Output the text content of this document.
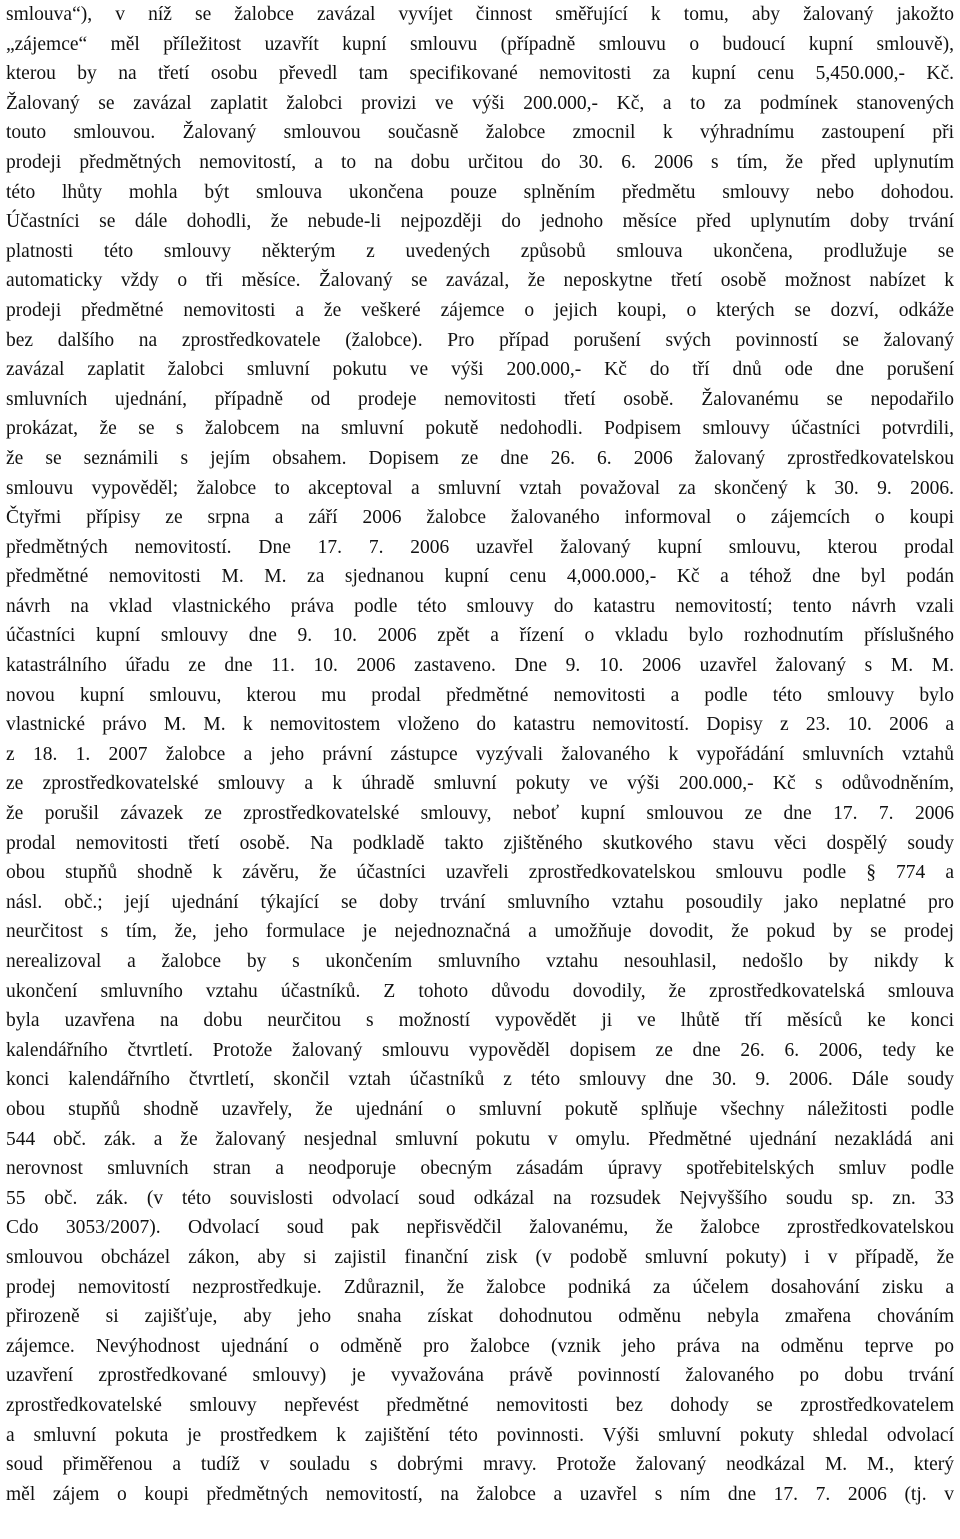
smlouva“), v níž se žalobce zavázal vyvíjet činnost směřující k tomu, aby žalovaný jakožto
„zájemce“ měl příležitost uzavřít kupní smlouvu (případně smlouvu o budoucí kupní smlouvě),
kterou by na třetí osobu převedl tam specifikované nemovitosti za kupní cenu 5,450.000,- Kč.
Žalovaný se zavázal zaplatit žalobci provizi ve výši 200.000,- Kč, a to za podmínek stanovených
touto smlouvou. Žalovaný smlouvou současně žalobce zmocnil k výhradnímu zastoupení při
prodeji předmětných nemovitostí, a to na dobu určitou do 30. 6. 2006 s tím, že před uplynutím
této lhůty mohla být smlouva ukončena pouze splněním předmětu smlouvy nebo dohodou.
Účastníci se dále dohodli, že nebude-li nejpozději do jednoho měsíce před uplynutím doby trvání
platnosti této smlouvy některým z uvedených způsobů smlouva ukončena, prodlužuje se
automaticky vždy o tři měsíce. Žalovaný se zavázal, že neposkytne třetí osobě možnost nabízet k
prodeji předmětné nemovitosti a že veškeré zájemce o jejich koupi, o kterých se dozví, odkáže
bez dalšího na zprostředkovatele (žalobce). Pro případ porušení svých povinností se žalovaný
zavázal zaplatit žalobci smluvní pokutu ve výši 200.000,- Kč do tří dnů ode dne porušení
smluvních ujednání, případně od prodeje nemovitosti třetí osobě. Žalovanému se nepodařilo
prokázat, že se s žalobcem na smluvní pokutě nedohodli. Podpisem smlouvy účastníci potvrdili,
že se seznámili s jejím obsahem. Dopisem ze dne 26. 6. 2006 žalovaný zprostředkovatelskou
smlouvu vypověděl; žalobce to akceptoval a smluvní vztah považoval za skončený k 30. 9. 2006.
Čtyřmi přípisy ze srpna a září 2006 žalobce žalovaného informoval o zájemcích o koupi
předmětných nemovitostí. Dne 17. 7. 2006 uzavřel žalovaný kupní smlouvu, kterou prodal
předmětné nemovitosti M. M. za sjednanou kupní cenu 4,000.000,- Kč a téhož dne byl podán
návrh na vklad vlastnického práva podle této smlouvy do katastru nemovitostí; tento návrh vzali
účastníci kupní smlouvy dne 9. 10. 2006 zpět a řízení o vkladu bylo rozhodnutím příslušného
katastrálního úřadu ze dne 11. 10. 2006 zastaveno. Dne 9. 10. 2006 uzavřel žalovaný s M. M.
novou kupní smlouvu, kterou mu prodal předmětné nemovitosti a podle této smlouvy bylo
vlastnické právo M. M. k nemovitostem vloženo do katastru nemovitostí. Dopisy z 23. 10. 2006 a
z 18. 1. 2007 žalobce a jeho právní zástupce vyzývali žalovaného k vypořádání smluvních vztahů
ze zprostředkovatelské smlouvy a k úhradě smluvní pokuty ve výši 200.000,- Kč s odůvodněním,
že porušil závazek ze zprostředkovatelské smlouvy, neboť kupní smlouvou ze dne 17. 7. 2006
prodal nemovitosti třetí osobě. Na podkladě takto zjištěného skutkového stavu věci dospělý soudy
obou stupňů shodně k závěru, že účastníci uzavřeli zprostředkovatelskou smlouvu podle § 774 a
násl. obč.; její ujednání týkající se doby trvání smluvního vztahu posoudily jako neplatné pro
neurčitost s tím, že, jeho formulace je nejednoznačná a umožňuje dovodit, že pokud by se prodej
nerealizoval a žalobce by s ukončením smluvního vztahu nesouhlasil, nedošlo by nikdy k
ukončení smluvního vztahu účastníků. Z tohoto důvodu dovodily, že zprostředkovatelská smlouva
byla uzavřena na dobu neurčitou s možností vypovědět ji ve lhůtě tří měsíců ke konci
kalendářního čtvrtletí. Protože žalovaný smlouvu vypověděl dopisem ze dne 26. 6. 2006, tedy ke
konci kalendářního čtvrtletí, skončil vztah účastníků z této smlouvy dne 30. 9. 2006. Dále soudy
obou stupňů shodně uzavřely, že ujednání o smluvní pokutě splňuje všechny náležitosti podle
544 obč. zák. a že žalovaný nesjednal smluvní pokutu v omylu. Předmětné ujednání nezakládá ani
nerovnost smluvních stran a neodporuje obecným zásadám úpravy spotřebitelských smluv podle
55 obč. zák. (v této souvislosti odvolací soud odkázal na rozsudek Nejvyššího soudu sp. zn. 33
Cdo 3053/2007). Odvolací soud pak nepřisvědčil žalovanému, že žalobce zprostředkovatelskou
smlouvou obcházel zákon, aby si zajistil finanční zisk (v podobě smluvní pokuty) i v případě, že
prodej nemovitostí nezprostředkuje. Zdůraznil, že žalobce podniká za účelem dosahování zisku a
přirozeně si zajišťuje, aby jeho snaha získat dohodnutou odměnu nebyla zmařena chováním
zájemce. Nevýhodnost ujednání o odměně pro žalobce (vznik jeho práva na odměnu teprve po
uzavření zprostředkované smlouvy) je vyvažována právě povinností žalovaného po dobu trvání
zprostředkovatelské smlouvy nepřevést předmětné nemovitosti bez dohody se zprostředkovatelem
a smluvní pokuta je prostředkem k zajištění této povinnosti. Výši smluvní pokuty shledal odvolací
soud přiměřenou a tudíž v souladu s dobrými mravy. Protože žalovaný neodkázal M. M., který
měl zájem o koupi předmětných nemovitostí, na žalobce a uzavřel s ním dne 17. 7. 2006 (tj. v
